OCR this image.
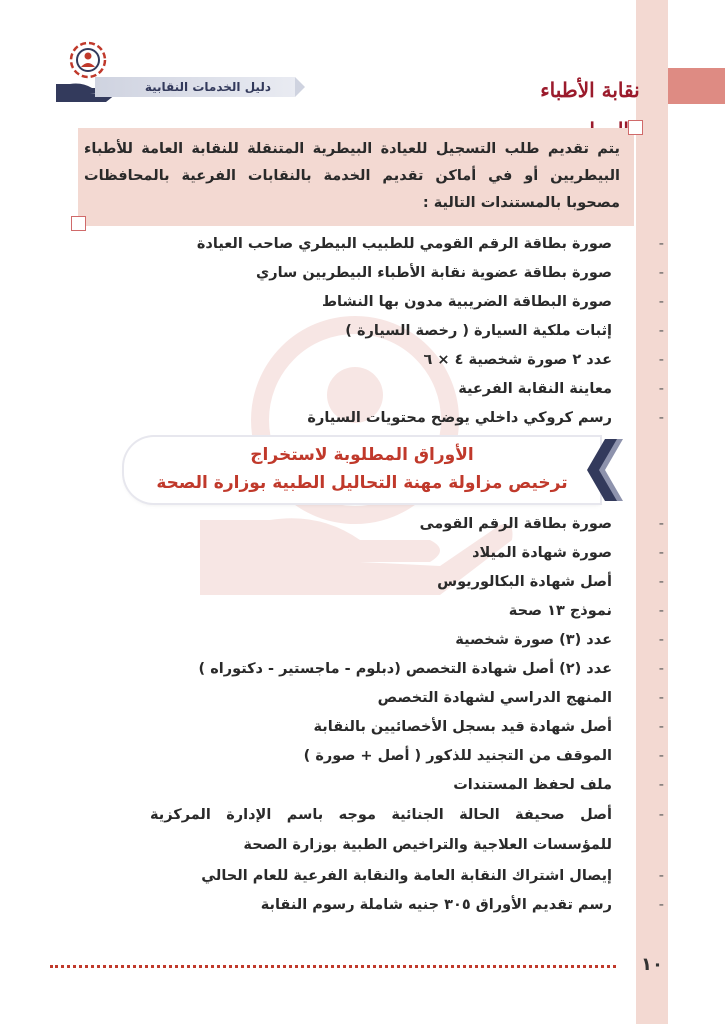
نقابة الأطباء
دليل الخدمات النقابية
يتم تقديم طلب التسجيل للعيادة البيطرية المتنقلة للنقابة العامة للأطباء البيطريين أو في أماكن تقديم الخدمة بالنقابات الفرعية بالمحافظات مصحوبا بالمستندات التالية :
-
صورة بطاقة الرقم القومي للطبيب البيطري صاحب العيادة
-
صورة بطاقة عضوية نقابة الأطباء البيطريين ساري
-
صورة البطاقة الضريبية مدون بها النشاط
-
إثبات ملكية السيارة ( رخصة السيارة )
-
عدد ٢ صورة شخصية ٤ × ٦
-
معاينة النقابة الفرعية
-
رسم كروكي داخلي يوضح محتويات السيارة
الأوراق المطلوبة لاستخراج
ترخيص مزاولة مهنة التحاليل الطبية بوزارة الصحة
-
صورة بطاقة الرقم القومى
-
صورة شهادة الميلاد
-
أصل شهادة البكالوريوس
-
نموذج ١٣ صحة
-
عدد (٣) صورة شخصية
-
عدد (٢) أصل شهادة التخصص (دبلوم - ماجستير - دكتوراه )
-
المنهج الدراسي لشهادة التخصص
-
أصل شهادة قيد بسجل الأخصائيين بالنقابة
-
الموقف من التجنيد للذكور ( أصل + صورة )
-
ملف لحفظ المستندات
-
أصل صحيفة الحالة الجنائية موجه باسم الإدارة المركزية للمؤسسات العلاجية والتراخيص الطبية بوزارة الصحة
-
إيصال اشتراك النقابة العامة والنقابة الفرعية للعام الحالي
-
رسم تقديم الأوراق ٣٠٥ جنيه شاملة رسوم النقابة
١٠
